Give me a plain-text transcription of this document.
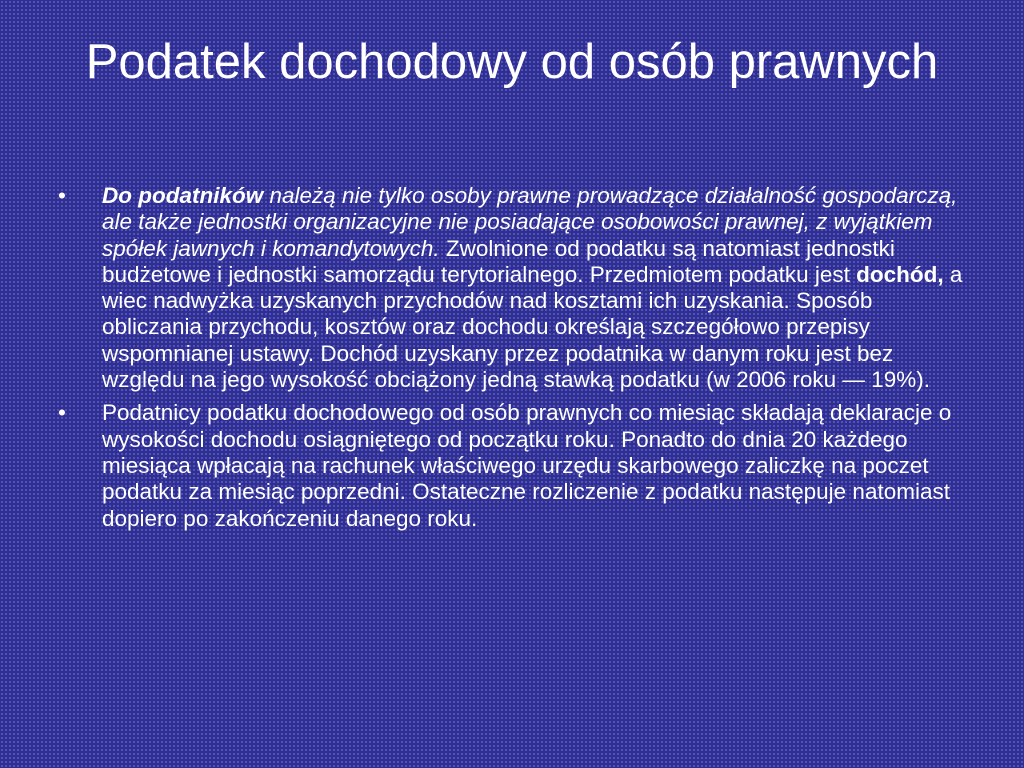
Podatek dochodowy od osób prawnych
• Do podatników należą nie tylko osoby prawne prowadzące działalność gospodarczą, ale także jednostki organizacyjne nie posiadające osobowości prawnej, z wyjątkiem spółek jawnych i komandytowych. Zwolnione od podatku są natomiast jednostki budżetowe i jednostki samorządu terytorialnego. Przedmiotem podatku jest dochód, a wiec nadwyżka uzyskanych przychodów nad kosztami ich uzyskania. Sposób obliczania przychodu, kosztów oraz dochodu określają szczegółowo przepisy wspomnianej ustawy. Dochód uzyskany przez podatnika w danym roku jest bez względu na jego wysokość obciążony jedną stawką podatku (w 2006 roku — 19%).
• Podatnicy podatku dochodowego od osób prawnych co miesiąc składają deklaracje o wysokości dochodu osiągniętego od początku roku. Ponadto do dnia 20 każdego miesiąca wpłacają na rachunek właściwego urzędu skarbowego zaliczkę na poczet podatku za miesiąc poprzedni. Ostateczne rozliczenie z podatku następuje natomiast dopiero po zakończeniu danego roku.
